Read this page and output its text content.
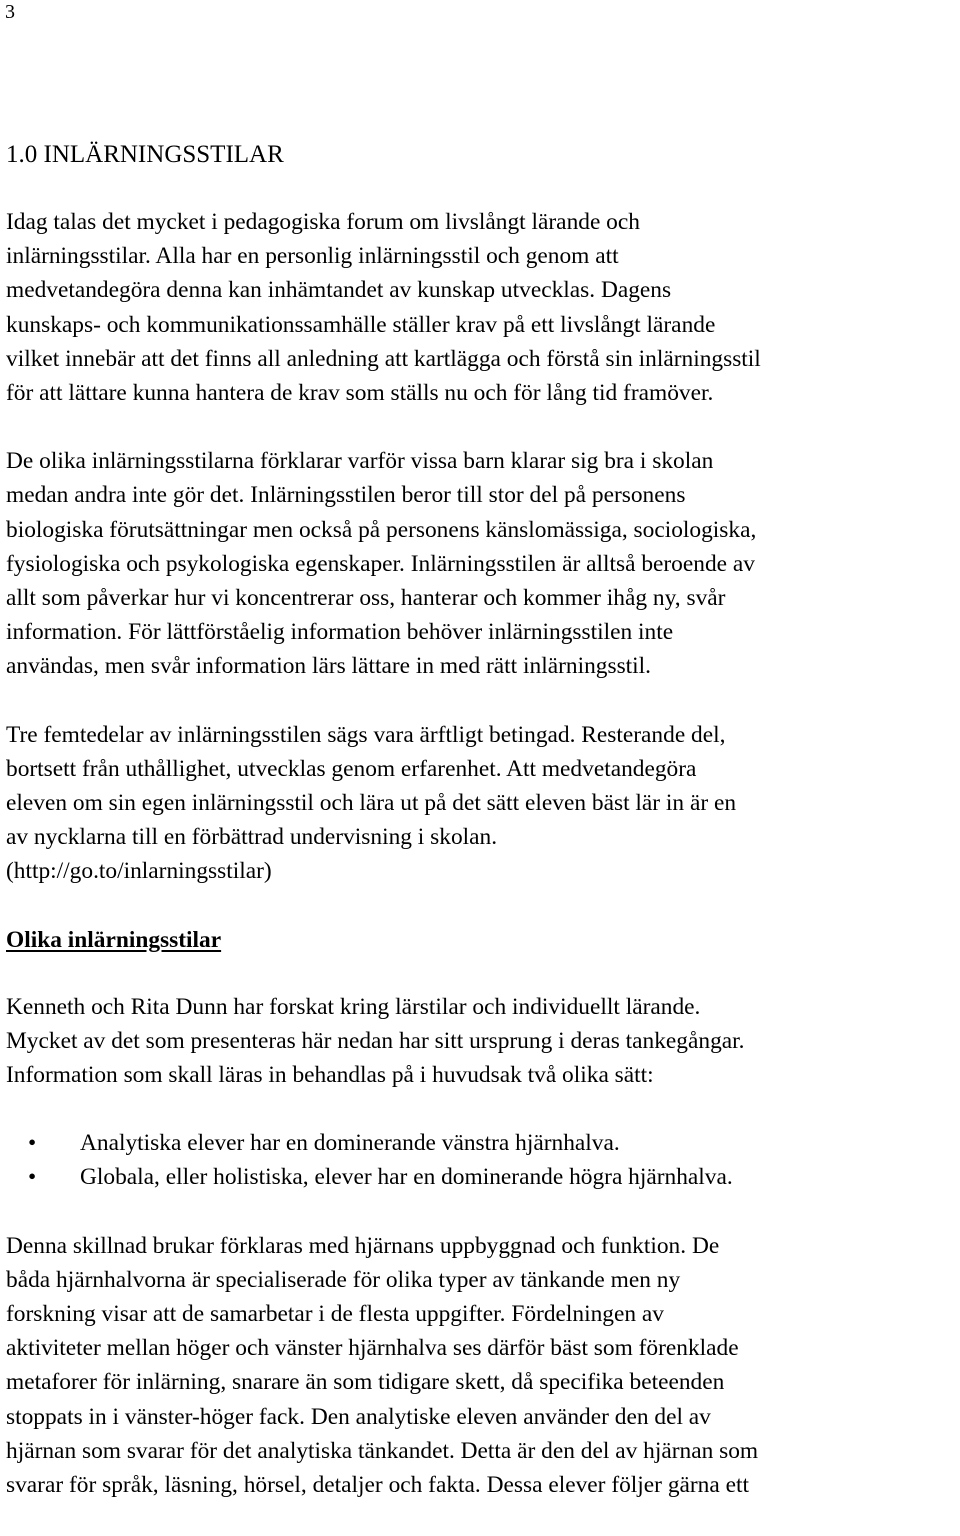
3
1.0 INLÄRNINGSSTILAR

Idag talas det mycket i pedagogiska forum om livslångt lärande och
inlärningsstilar. Alla har en personlig inlärningsstil och genom att
medvetandegöra denna kan inhämtandet av kunskap utvecklas. Dagens
kunskaps- och kommunikationssamhälle ställer krav på ett livslångt lärande
vilket innebär att det finns all anledning att kartlägga och förstå sin inlärningsstil
för att lättare kunna hantera de krav som ställs nu och för lång tid framöver.

De olika inlärningsstilarna förklarar varför vissa barn klarar sig bra i skolan
medan andra inte gör det. Inlärningsstilen beror till stor del på personens
biologiska förutsättningar men också på personens känslomässiga, sociologiska,
fysiologiska och psykologiska egenskaper. Inlärningsstilen är alltså beroende av
allt som påverkar hur vi koncentrerar oss, hanterar och kommer ihåg ny, svår
information. För lättförståelig information behöver inlärningsstilen inte
användas, men svår information lärs lättare in med rätt inlärningsstil.

Tre femtedelar av inlärningsstilen sägs vara ärftligt betingad. Resterande del,
bortsett från uthållighet, utvecklas genom erfarenhet. Att medvetandegöra
eleven om sin egen inlärningsstil och lära ut på det sätt eleven bäst lär in är en
av nycklarna till en förbättrad undervisning i skolan.
(http://go.to/inlarningsstilar)

Olika inlärningsstilar

Kenneth och Rita Dunn har forskat kring lärstilar och individuellt lärande.
Mycket av det som presenteras här nedan har sitt ursprung i deras tankegångar.
Information som skall läras in behandlas på i huvudsak två olika sätt:

• Analytiska elever har en dominerande vänstra hjärnhalva.
• Globala, eller holistiska, elever har en dominerande högra hjärnhalva.

Denna skillnad brukar förklaras med hjärnans uppbyggnad och funktion. De
båda hjärnhalvorna är specialiserade för olika typer av tänkande men ny
forskning visar att de samarbetar i de flesta uppgifter. Fördelningen av
aktiviteter mellan höger och vänster hjärnhalva ses därför bäst som förenklade
metaforer för inlärning, snarare än som tidigare skett, då specifika beteenden
stoppats in i vänster-höger fack. Den analytiske eleven använder den del av
hjärnan som svarar för det analytiska tänkandet. Detta är den del av hjärnan som
svarar för språk, läsning, hörsel, detaljer och fakta. Dessa elever följer gärna ett
